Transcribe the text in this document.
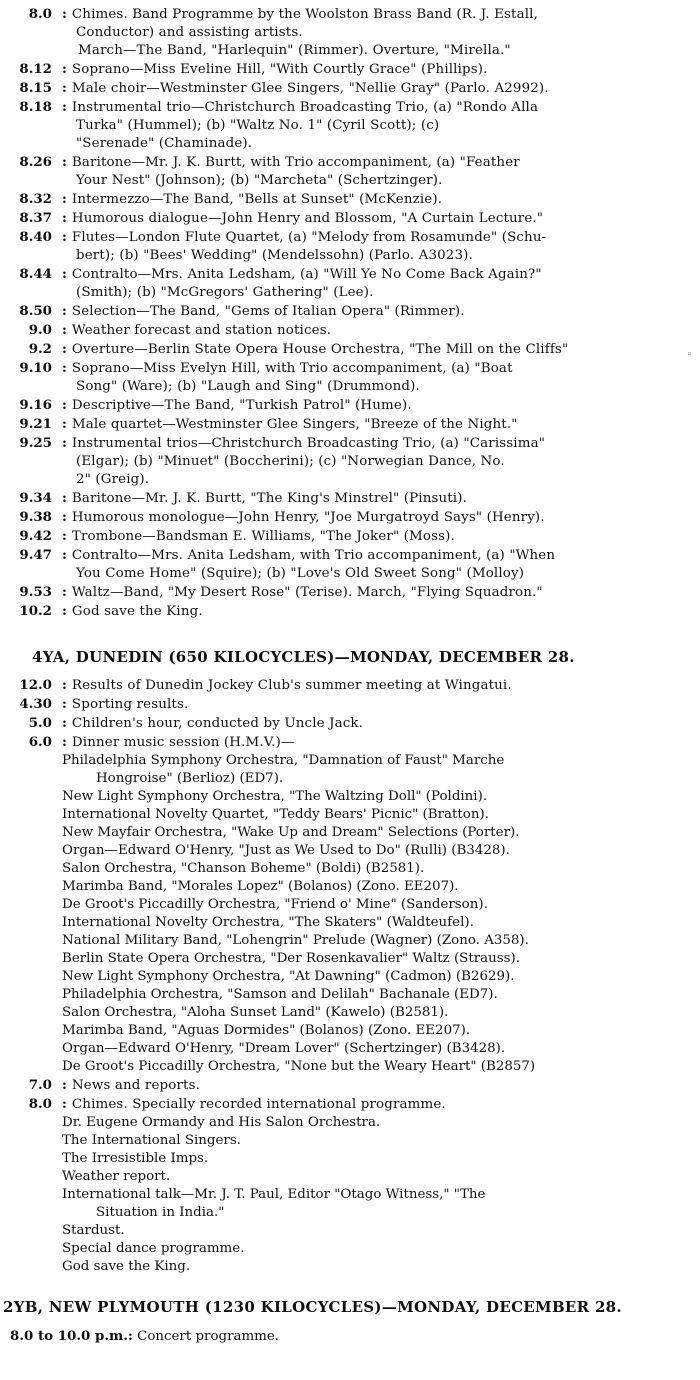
8.0 : Chimes. Band Programme by the Woolston Brass Band (R. J. Estall,
Conductor) and assisting artists.
March—The Band, "Harlequin" (Rimmer). Overture, "Mirella."
8.12 : Soprano—Miss Eveline Hill, "With Courtly Grace" (Phillips).
8.15 : Male choir—Westminster Glee Singers, "Nellie Gray" (Parlo. A2992).
8.18 : Instrumental trio—Christchurch Broadcasting Trio, (a) "Rondo Alla
Turka" (Hummel); (b) "Waltz No. 1" (Cyril Scott); (c)
"Serenade" (Chaminade).
8.26 : Baritone—Mr. J. K. Burtt, with Trio accompaniment, (a) "Feather
Your Nest" (Johnson); (b) "Marcheta" (Schertzinger).
8.32 : Intermezzo—The Band, "Bells at Sunset" (McKenzie).
8.37 : Humorous dialogue—John Henry and Blossom, "A Curtain Lecture."
8.40 : Flutes—London Flute Quartet, (a) "Melody from Rosamunde" (Schu-
bert); (b) "Bees' Wedding" (Mendelssohn) (Parlo. A3023).
8.44 : Contralto—Mrs. Anita Ledsham, (a) "Will Ye No Come Back Again?"
(Smith); (b) "McGregors' Gathering" (Lee).
8.50 : Selection—The Band, "Gems of Italian Opera" (Rimmer).
9.0 : Weather forecast and station notices.
9.2 : Overture—Berlin State Opera House Orchestra, "The Mill on the Cliffs"
9.10 : Soprano—Miss Evelyn Hill, with Trio accompaniment, (a) "Boat
Song" (Ware); (b) "Laugh and Sing" (Drummond).
9.16 : Descriptive—The Band, "Turkish Patrol" (Hume).
9.21 : Male quartet—Westminster Glee Singers, "Breeze of the Night."
9.25 : Instrumental trios—Christchurch Broadcasting Trio, (a) "Carissima"
(Elgar); (b) "Minuet" (Boccherini); (c) "Norwegian Dance, No.
2" (Greig).
9.34 : Baritone—Mr. J. K. Burtt, "The King's Minstrel" (Pinsuti).
9.38 : Humorous monologue—John Henry, "Joe Murgatroyd Says" (Henry).
9.42 : Trombone—Bandsman E. Williams, "The Joker" (Moss).
9.47 : Contralto—Mrs. Anita Ledsham, with Trio accompaniment, (a) "When
You Come Home" (Squire); (b) "Love's Old Sweet Song" (Molloy)
9.53 : Waltz—Band, "My Desert Rose" (Terise). March, "Flying Squadron."
10.2 : God save the King.
◦
4YA, DUNEDIN (650 KILOCYCLES)—MONDAY, DECEMBER 28.
12.0 : Results of Dunedin Jockey Club's summer meeting at Wingatui.
4.30 : Sporting results.
5.0 : Children's hour, conducted by Uncle Jack.
6.0 : Dinner music session (H.M.V.)—
Philadelphia Symphony Orchestra, "Damnation of Faust" Marche
Hongroise" (Berlioz) (ED7).
New Light Symphony Orchestra, "The Waltzing Doll" (Poldini).
International Novelty Quartet, "Teddy Bears' Picnic" (Bratton).
New Mayfair Orchestra, "Wake Up and Dream" Selections (Porter).
Organ—Edward O'Henry, "Just as We Used to Do" (Rulli) (B3428).
Salon Orchestra, "Chanson Boheme" (Boldi) (B2581).
Marimba Band, "Morales Lopez" (Bolanos) (Zono. EE207).
De Groot's Piccadilly Orchestra, "Friend o' Mine" (Sanderson).
International Novelty Orchestra, "The Skaters" (Waldteufel).
National Military Band, "Lohengrin" Prelude (Wagner) (Zono. A358).
Berlin State Opera Orchestra, "Der Rosenkavalier" Waltz (Strauss).
New Light Symphony Orchestra, "At Dawning" (Cadmon) (B2629).
Philadelphia Orchestra, "Samson and Delilah" Bachanale (ED7).
Salon Orchestra, "Aloha Sunset Land" (Kawelo) (B2581).
Marimba Band, "Aguas Dormides" (Bolanos) (Zono. EE207).
Organ—Edward O'Henry, "Dream Lover" (Schertzinger) (B3428).
De Groot's Piccadilly Orchestra, "None but the Weary Heart" (B2857)
7.0 : News and reports.
8.0 : Chimes. Specially recorded international programme.
Dr. Eugene Ormandy and His Salon Orchestra.
The International Singers.
The Irresistible Imps.
Weather report.
International talk—Mr. J. T. Paul, Editor "Otago Witness," "The
Situation in India."
Stardust.
Special dance programme.
God save the King.
2YB, NEW PLYMOUTH (1230 KILOCYCLES)—MONDAY, DECEMBER 28.
8.0 to 10.0 p.m.: Concert programme.
